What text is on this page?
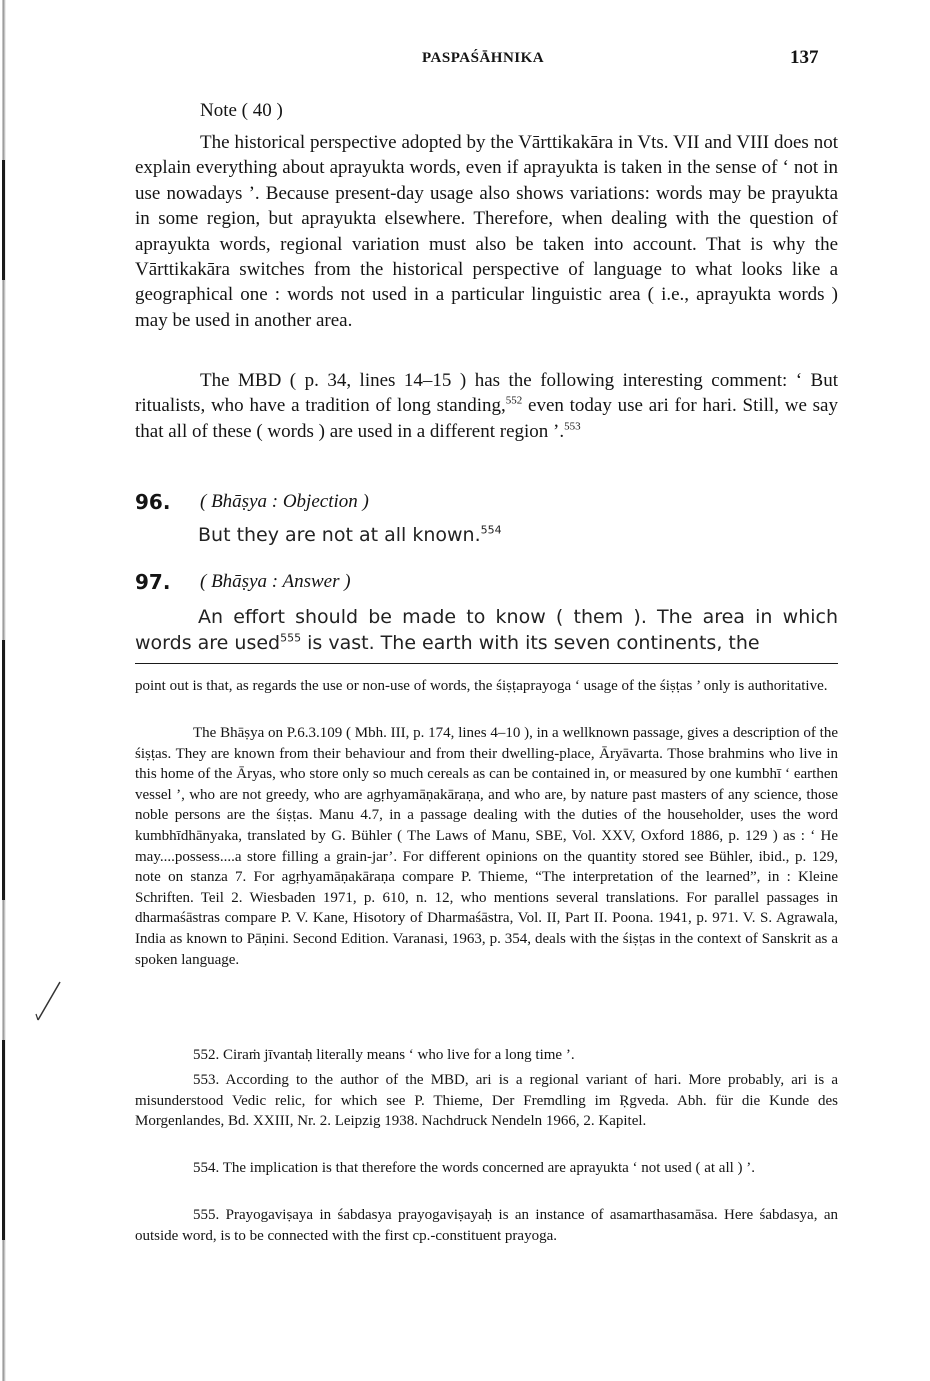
PASPAŚĀHNIKA	137
Note ( 40 )

The historical perspective adopted by the Vārttikakāra in Vts. VII and VIII does not explain everything about aprayukta words, even if aprayukta is taken in the sense of ‘ not in use nowadays ’. Because present-day usage also shows variations: words may be prayukta in some region, but aprayukta elsewhere. Therefore, when dealing with the question of aprayukta words, regional variation must also be taken into account. That is why the Vārttikakāra switches from the historical perspective of language to what looks like a geographical one : words not used in a particular linguistic area ( i.e., aprayukta words ) may be used in another area.

The MBD ( p. 34, lines 14–15 ) has the following interesting comment: ‘ But ritualists, who have a tradition of long standing,$^{552}$ even today use ari for hari. Still, we say that all of these ( words ) are used in a different region ’.$^{553}$

96. ( Bhāṣya : Objection )
But they are not at all known.$^{554}$
97. ( Bhāṣya : Answer )
An effort should be made to know ( them ). The area in which words are used$^{555}$ is vast. The earth with its seven continents, the

point out is that, as regards the use or non-use of words, the śiṣṭaprayoga ‘ usage of the śiṣṭas ’ only is authoritative.

The Bhāṣya on P.6.3.109 ( Mbh. III, p. 174, lines 4–10 ), in a wellknown passage, gives a description of the śiṣṭas. They are known from their behaviour and from their dwelling-place, Āryāvarta. Those brahmins who live in this home of the Āryas, who store only so much cereals as can be contained in, or measured by one kumbhī ‘ earthen vessel ’, who are not greedy, who are agṛhyamāṇakāraṇa, and who are, by nature past masters of any science, those noble persons are the śiṣṭas. Manu 4.7, in a passage dealing with the duties of the householder, uses the word kumbhīdhānyaka, translated by G. Bühler ( The Laws of Manu, SBE, Vol. XXV, Oxford 1886, p. 129 ) as : ‘ He may....possess....a store filling a grain-jar’. For different opinions on the quantity stored see Bühler, ibid., p. 129, note on stanza 7. For agṛhyamāṇakāraṇa compare P. Thieme, “The interpretation of the learned”, in : Kleine Schriften. Teil 2. Wiesbaden 1971, p. 610, n. 12, who mentions several translations. For parallel passages in dharmaśāstras compare P. V. Kane, Hisotory of Dharmaśāstra, Vol. II, Part II. Poona. 1941, p. 971. V. S. Agrawala, India as known to Pāṇini. Second Edition. Varanasi, 1963, p. 354, deals with the śiṣṭas in the context of Sanskrit as a spoken language.

552. Ciraṁ jīvantaḥ literally means ‘ who live for a long time ’.

553. According to the author of the MBD, ari is a regional variant of hari. More probably, ari is a misunderstood Vedic relic, for which see P. Thieme, Der Fremdling im Ṛgveda. Abh. für die Kunde des Morgenlandes, Bd. XXIII, Nr. 2. Leipzig 1938. Nachdruck Nendeln 1966, 2. Kapitel.

554. The implication is that therefore the words concerned are aprayukta ‘ not used ( at all ) ’.

555. Prayogaviṣaya in śabdasya prayogaviṣayaḥ is an instance of asamarthasamāsa. Here śabdasya, an outside word, is to be connected with the first cp.-constituent prayoga.
